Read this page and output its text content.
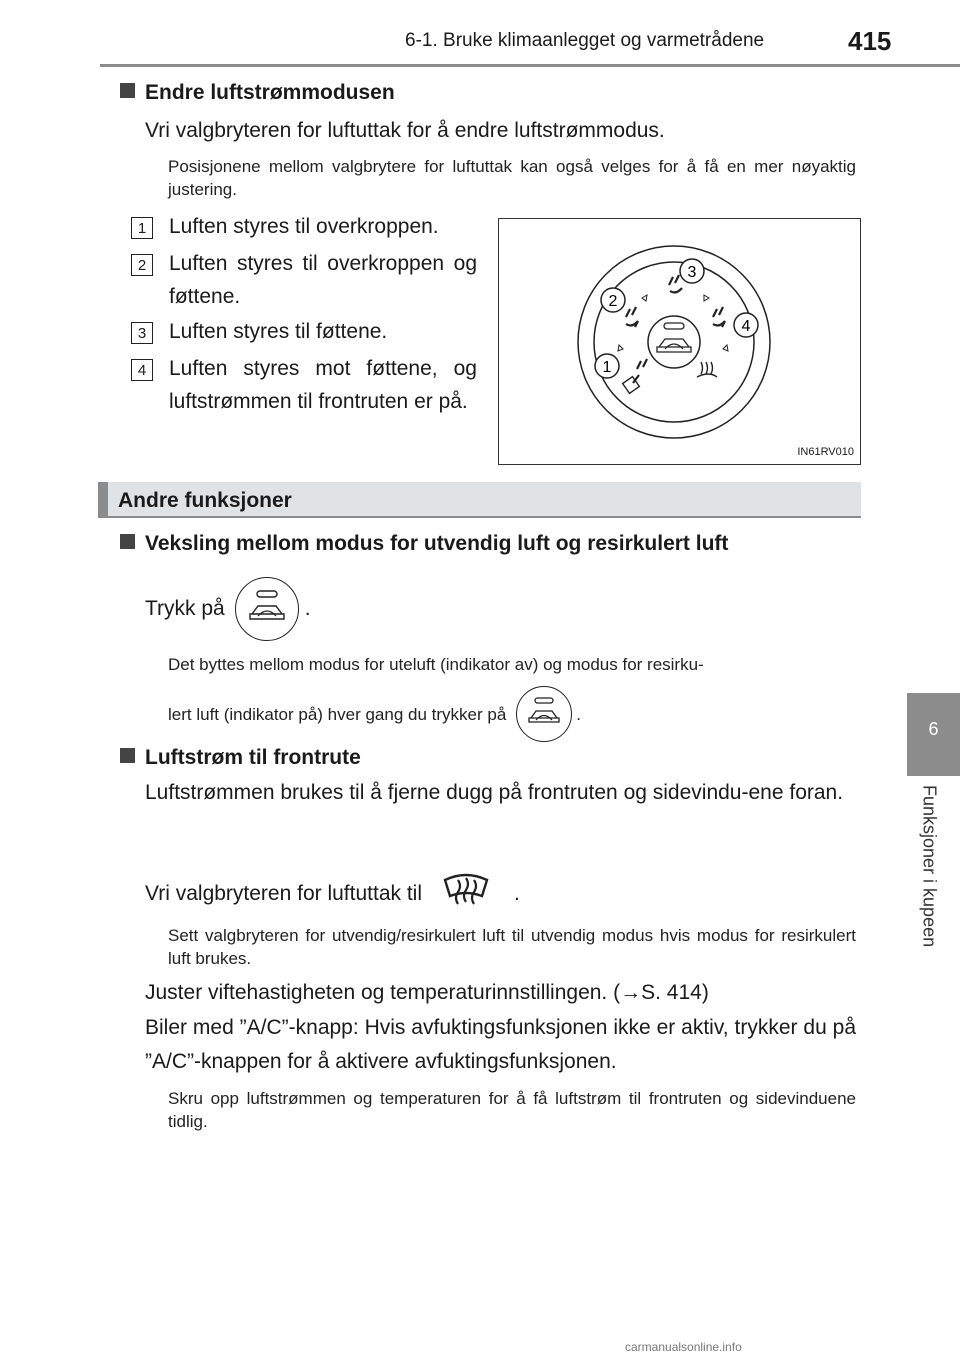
6-1. Bruke klimaanlegget og varmetrådene	415
6
Funksjoner i kupeen
Endre luftstrømmodusen
Vri valgbryteren for luftuttak for å endre luftstrømmodus.
Posisjonene mellom valgbrytere for luftuttak kan også velges for å få en mer nøyaktig justering.
1	Luften styres til overkroppen.
2	Luften styres til overkroppen og føttene.
3	Luften styres til føttene.
4	Luften styres mot føttene, og luftstrømmen til frontruten er på.
3
2
4
1
IN61RV010
Andre funksjoner
Veksling mellom modus for utvendig luft og resirkulert luft
Trykk på	.
Det byttes mellom modus for uteluft (indikator av) og modus for resirku-
lert luft (indikator på) hver gang du trykker på	.
Luftstrøm til frontrute
Luftstrømmen brukes til å fjerne dugg på frontruten og sidevindu-ene foran.
Vri valgbryteren for luftuttak til	.
Sett valgbryteren for utvendig/resirkulert luft til utvendig modus hvis modus for resirkulert luft brukes.
Juster viftehastigheten og temperaturinnstillingen. (→S. 414)
Biler med ”A/C”-knapp: Hvis avfuktingsfunksjonen ikke er aktiv, trykker du på ”A/C”-knappen for å aktivere avfuktingsfunksjonen.
Skru opp luftstrømmen og temperaturen for å få luftstrøm til frontruten og sidevinduene tidlig.
carmanualsonline.info
